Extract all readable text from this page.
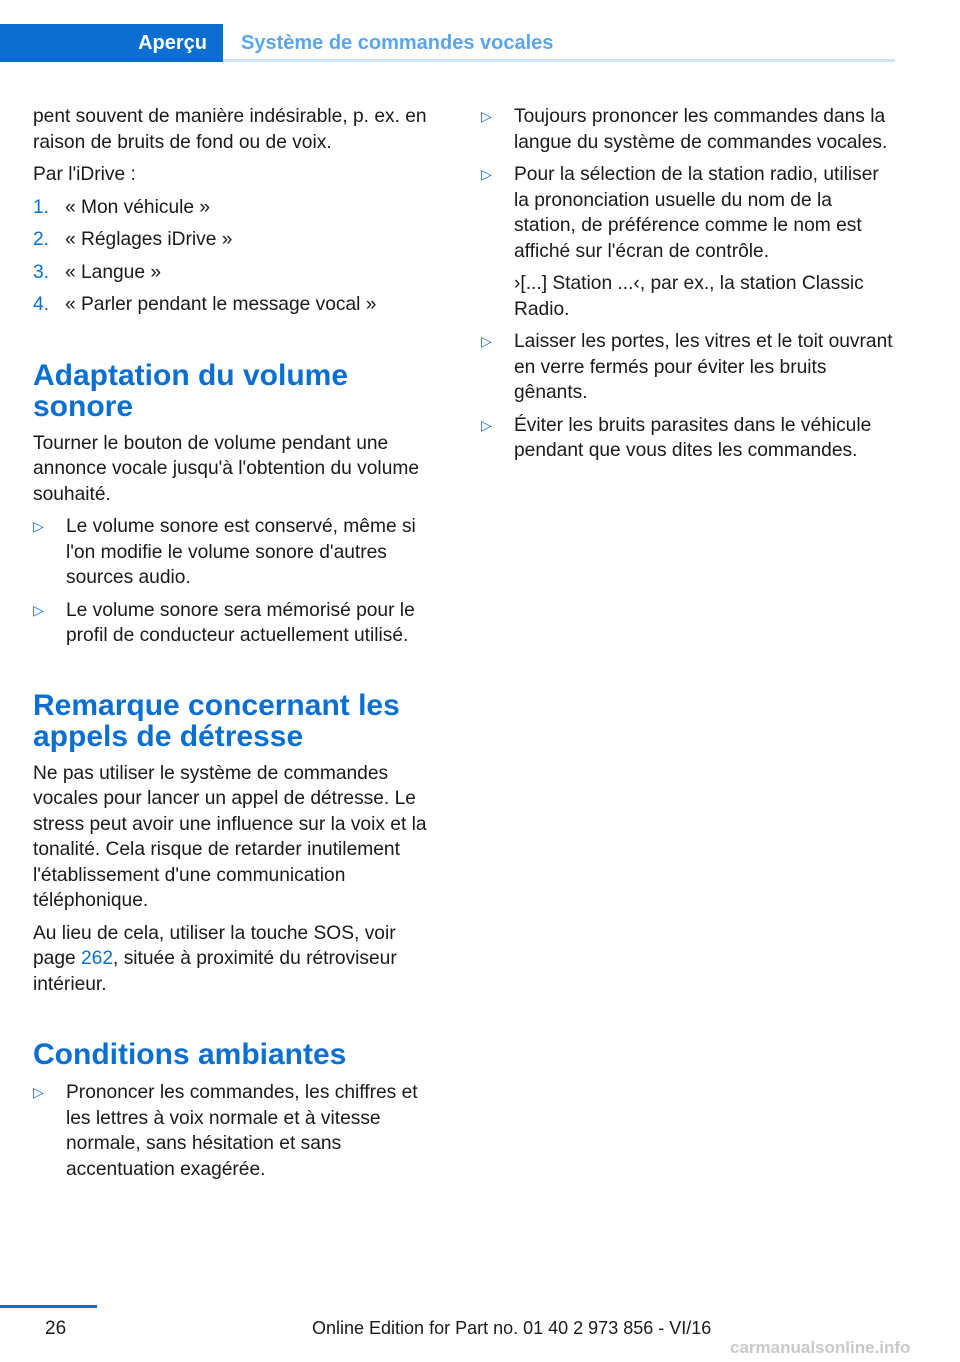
Aperçu	Système de commandes vocales

pent souvent de manière indésirable, p. ex. en raison de bruits de fond ou de voix.

Par l'iDrive :

1. « Mon véhicule »
2. « Réglages iDrive »
3. « Langue »
4. « Parler pendant le message vocal »
Adaptation du volume sonore

Tourner le bouton de volume pendant une annonce vocale jusqu'à l'obtention du volume souhaité.

▷ Le volume sonore est conservé, même si l'on modifie le volume sonore d'autres sources audio.
▷ Le volume sonore sera mémorisé pour le profil de conducteur actuellement utilisé.
Remarque concernant les appels de détresse

Ne pas utiliser le système de commandes vocales pour lancer un appel de détresse. Le stress peut avoir une influence sur la voix et la tonalité. Cela risque de retarder inutilement l'établissement d'une communication téléphonique.

Au lieu de cela, utiliser la touche SOS, voir page 262, située à proximité du rétroviseur intérieur.

Conditions ambiantes
▷ Prononcer les commandes, les chiffres et les lettres à voix normale et à vitesse normale, sans hésitation et sans accentuation exagérée.
▷ Toujours prononcer les commandes dans la langue du système de commandes vocales.
▷ Pour la sélection de la station radio, utiliser la prononciation usuelle du nom de la station, de préférence comme le nom est affiché sur l'écran de contrôle.

›[...] Station ...‹, par ex., la station Classic Radio.

▷ Laisser les portes, les vitres et le toit ouvrant en verre fermés pour éviter les bruits gênants.
▷ Éviter les bruits parasites dans le véhicule pendant que vous dites les commandes.
26	Online Edition for Part no. 01 40 2 973 856 - VI/16
carmanualsonline.info
